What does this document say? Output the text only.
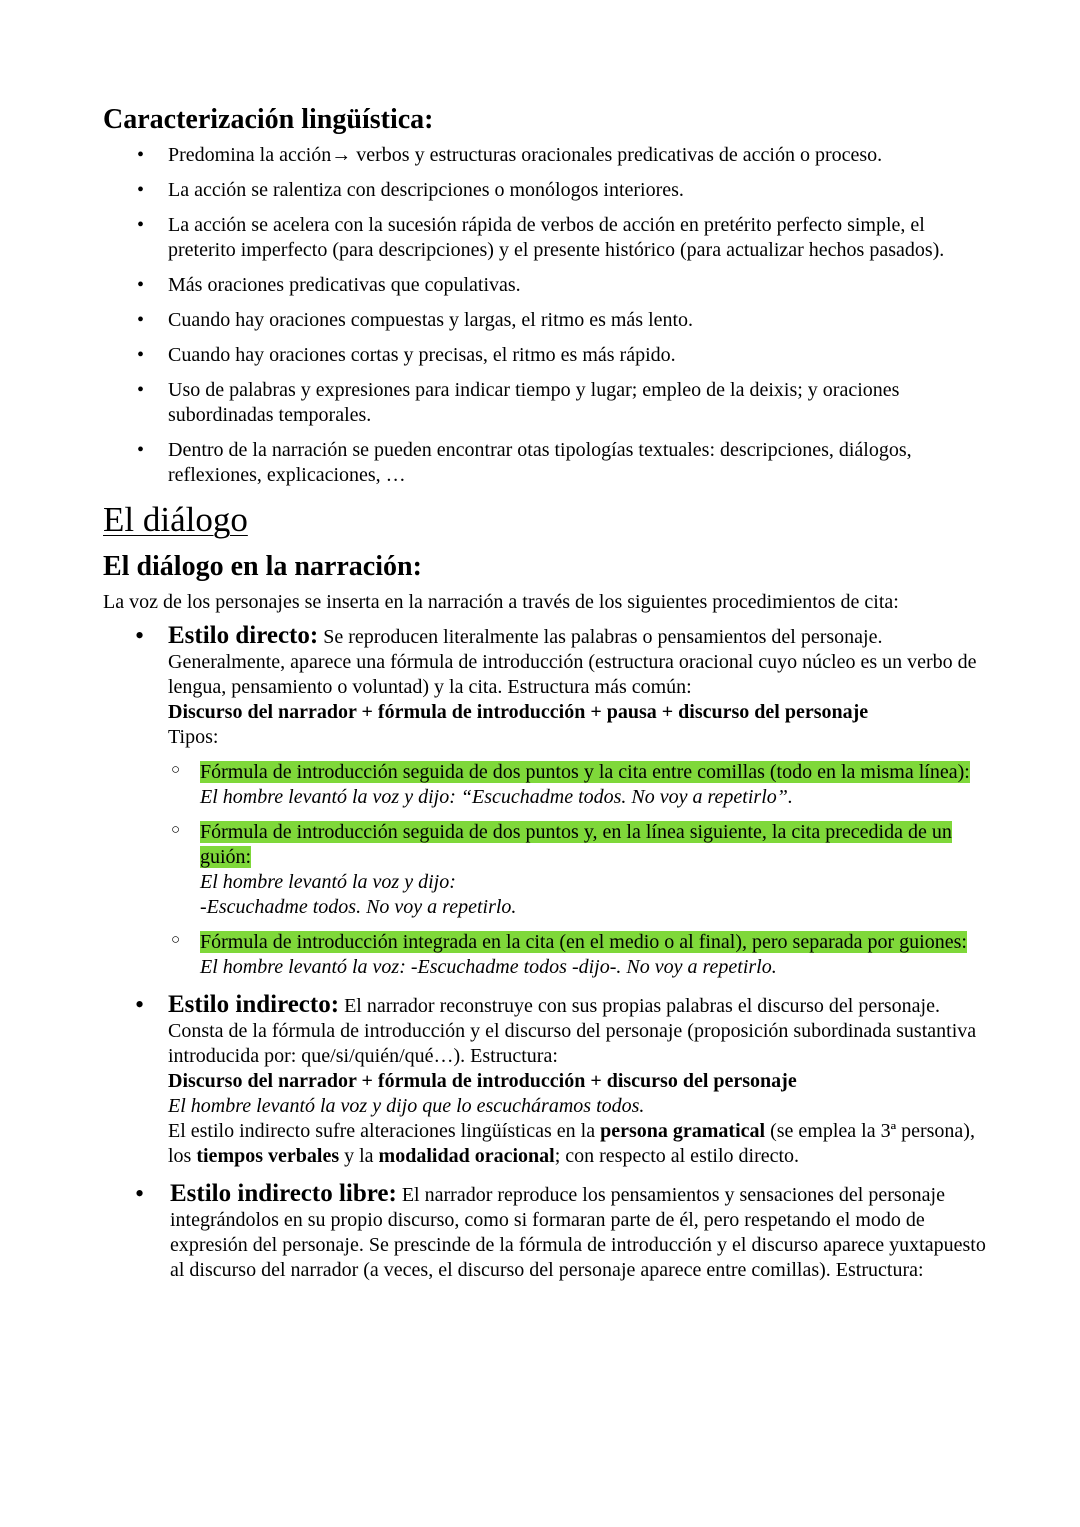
Caracterización lingüística:
• Predomina la acción→ verbos y estructuras oracionales predicativas de acción o proceso.
• La acción se ralentiza con descripciones o monólogos interiores.
• La acción se acelera con la sucesión rápida de verbos de acción en pretérito perfecto simple, el preterito imperfecto (para descripciones) y el presente histórico (para actualizar hechos pasados).
• Más oraciones predicativas que copulativas.
• Cuando hay oraciones compuestas y largas, el ritmo es más lento.
• Cuando hay oraciones cortas y precisas, el ritmo es más rápido.
• Uso de palabras y expresiones para indicar tiempo y lugar; empleo de la deixis; y oraciones subordinadas temporales.
• Dentro de la narración se pueden encontrar otas tipologías textuales: descripciones, diálogos, reflexiones, explicaciones, …
El diálogo
El diálogo en la narración:

La voz de los personajes se inserta en la narración a través de los siguientes procedimientos de cita:

• Estilo directo: Se reproducen literalmente las palabras o pensamientos del personaje. Generalmente, aparece una fórmula de introducción (estructura oracional cuyo núcleo es un verbo de lengua, pensamiento o voluntad) y la cita. Estructura más común:
Discurso del narrador + fórmula de introducción + pausa + discurso del personaje
Tipos:
○ Fórmula de introducción seguida de dos puntos y la cita entre comillas (todo en la misma línea):
El hombre levantó la voz y dijo: “Escuchadme todos. No voy a repetirlo”.
○ Fórmula de introducción seguida de dos puntos y, en la línea siguiente, la cita precedida de un guión:
El hombre levantó la voz y dijo:
-Escuchadme todos. No voy a repetirlo.
○ Fórmula de introducción integrada en la cita (en el medio o al final), pero separada por guiones:
El hombre levantó la voz: -Escuchadme todos -dijo-. No voy a repetirlo.
• Estilo indirecto: El narrador reconstruye con sus propias palabras el discurso del personaje. Consta de la fórmula de introducción y el discurso del personaje (proposición subordinada sustantiva introducida por: que/si/quién/qué…). Estructura:
Discurso del narrador + fórmula de introducción + discurso del personaje
El hombre levantó la voz y dijo que lo escucháramos todos.
El estilo indirecto sufre alteraciones lingüísticas en la persona gramatical (se emplea la 3ª persona), los tiempos verbales y la modalidad oracional; con respecto al estilo directo.
• Estilo indirecto libre: El narrador reproduce los pensamientos y sensaciones del personaje integrándolos en su propio discurso, como si formaran parte de él, pero respetando el modo de expresión del personaje. Se prescinde de la fórmula de introducción y el discurso aparece yuxtapuesto al discurso del narrador (a veces, el discurso del personaje aparece entre comillas). Estructura:
